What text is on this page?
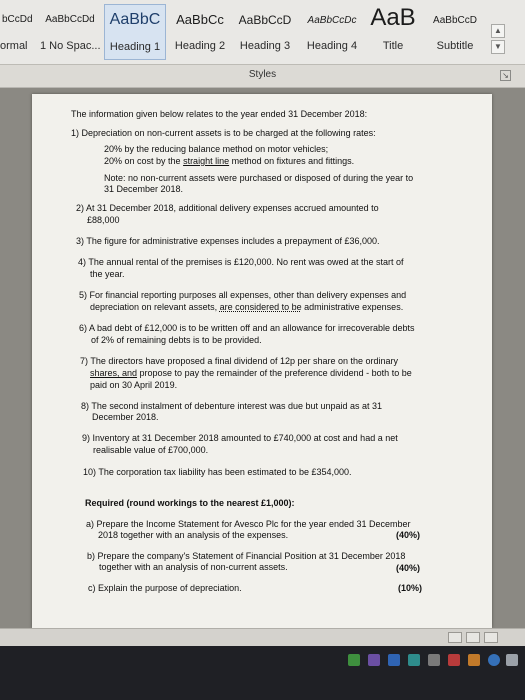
bCcDd
ormal
AaBbCcDd
1 No Spac...
AaBbC
Heading 1
AaBbCc
Heading 2
AaBbCcD
Heading 3
AaBbCcDc
Heading 4
AaB
Title
AaBbCcD
Subtitle
▲
▼
Styles	↘
The information given below relates to the year ended 31 December 2018:
1) Depreciation on non-current assets is to be charged at the following rates:
20% by the reducing balance method on motor vehicles;
20% on cost by the straight line method on fixtures and fittings.
Note: no non-current assets were purchased or disposed of during the year to
31 December 2018.
2) At 31 December 2018, additional delivery expenses accrued amounted to
£88,000
3) The figure for administrative expenses includes a prepayment of £36,000.
4) The annual rental of the premises is £120,000. No rent was owed at the start of
the year.
5) For financial reporting purposes all expenses, other than delivery expenses and
depreciation on relevant assets, are considered to be administrative expenses.
6) A bad debt of £12,000 is to be written off and an allowance for irrecoverable debts
of 2% of remaining debts is to be provided.
7) The directors have proposed a final dividend of 12p per share on the ordinary
shares, and propose to pay the remainder of the preference dividend - both to be
paid on 30 April 2019.
8) The second instalment of debenture interest was due but unpaid as at 31
December 2018.
9) Inventory at 31 December 2018 amounted to £740,000 at cost and had a net
realisable value of £700,000.
10) The corporation tax liability has been estimated to be £354,000.
Required (round workings to the nearest £1,000):
a) Prepare the Income Statement for Avesco Plc for the year ended 31 December
2018 together with an analysis of the expenses.	(40%)
b) Prepare the company's Statement of Financial Position at 31 December 2018
together with an analysis of non-current assets.	(40%)
c) Explain the purpose of depreciation.	(10%)
